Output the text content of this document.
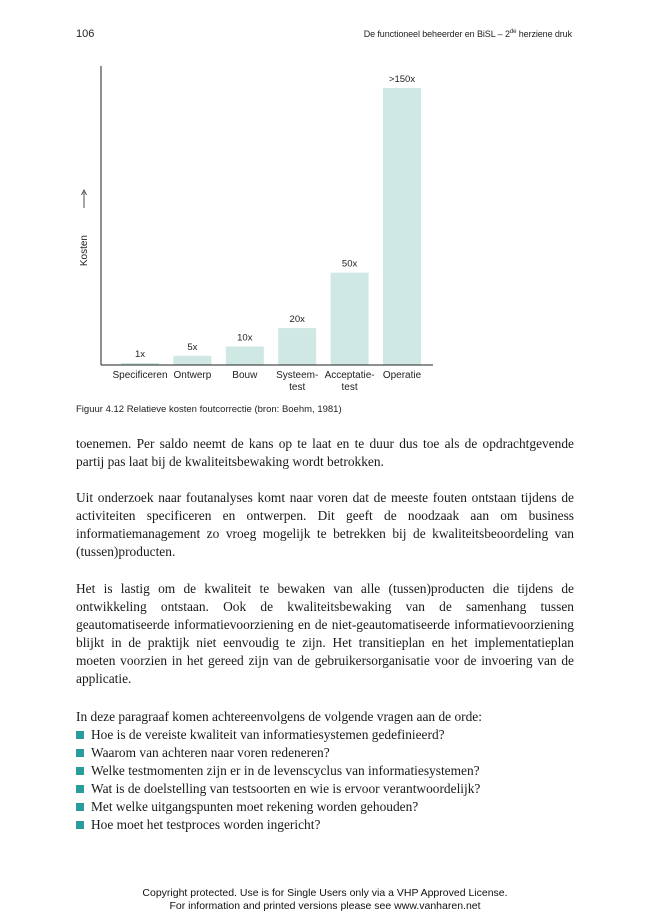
106	De functioneel beheerder en BiSL – 2de herziene druk
1x
Specificeren
5x
Ontwerp
10x
Bouw
20x
Systeem-
test
50x
Acceptatie-
test
>150x
Operatie
Kosten
Figuur 4.12 Relatieve kosten foutcorrectie (bron: Boehm, 1981)
toenemen. Per saldo neemt de kans op te laat en te duur dus toe als de opdrachtgevende partij pas laat bij de kwaliteitsbewaking wordt betrokken.
Uit onderzoek naar foutanalyses komt naar voren dat de meeste fouten ontstaan tijdens de activiteiten specificeren en ontwerpen. Dit geeft de noodzaak aan om business informatiemanagement zo vroeg mogelijk te betrekken bij de kwaliteitsbeoordeling van (tussen)producten.
Het is lastig om de kwaliteit te bewaken van alle (tussen)producten die tijdens de ontwikkeling ontstaan. Ook de kwaliteitsbewaking van de samenhang tussen geautomatiseerde informatievoorziening en de niet-geautomatiseerde informatievoorziening blijkt in de praktijk niet eenvoudig te zijn. Het transitieplan en het implementatieplan moeten voorzien in het gereed zijn van de gebruikersorganisatie voor de invoering van de applicatie.
In deze paragraaf komen achtereenvolgens de volgende vragen aan de orde:
Hoe is de vereiste kwaliteit van informatiesystemen gedefinieerd?
Waarom van achteren naar voren redeneren?
Welke testmomenten zijn er in de levenscyclus van informatiesystemen?
Wat is de doelstelling van testsoorten en wie is ervoor verantwoordelijk?
Met welke uitgangspunten moet rekening worden gehouden?
Hoe moet het testproces worden ingericht?
Copyright protected. Use is for Single Users only via a VHP Approved License.
For information and printed versions please see www.vanharen.net
